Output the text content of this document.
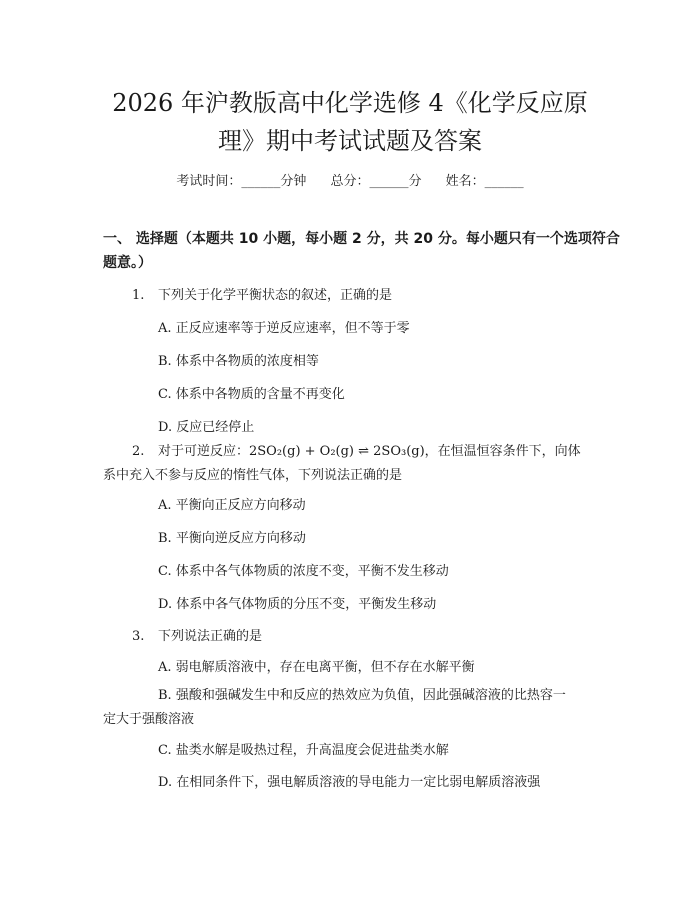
2026 年沪教版高中化学选修 4《化学反应原
理》期中考试试题及答案
考试时间：______分钟 总分：______分 姓名：______
一、 选择题（本题共 10 小题，每小题 2 分，共 20 分。每小题只有一个选项符合
题意。）
1. 下列关于化学平衡状态的叙述，正确的是
A. 正反应速率等于逆反应速率，但不等于零
B. 体系中各物质的浓度相等
C. 体系中各物质的含量不再变化
D. 反应已经停止
2. 对于可逆反应：2SO₂(g) + O₂(g) ⇌ 2SO₃(g)，在恒温恒容条件下，向体
系中充入不参与反应的惰性气体，下列说法正确的是
A. 平衡向正反应方向移动
B. 平衡向逆反应方向移动
C. 体系中各气体物质的浓度不变，平衡不发生移动
D. 体系中各气体物质的分压不变，平衡发生移动
3. 下列说法正确的是
A. 弱电解质溶液中，存在电离平衡，但不存在水解平衡
B. 强酸和强碱发生中和反应的热效应为负值，因此强碱溶液的比热容一
定大于强酸溶液
C. 盐类水解是吸热过程，升高温度会促进盐类水解
D. 在相同条件下，强电解质溶液的导电能力一定比弱电解质溶液强
